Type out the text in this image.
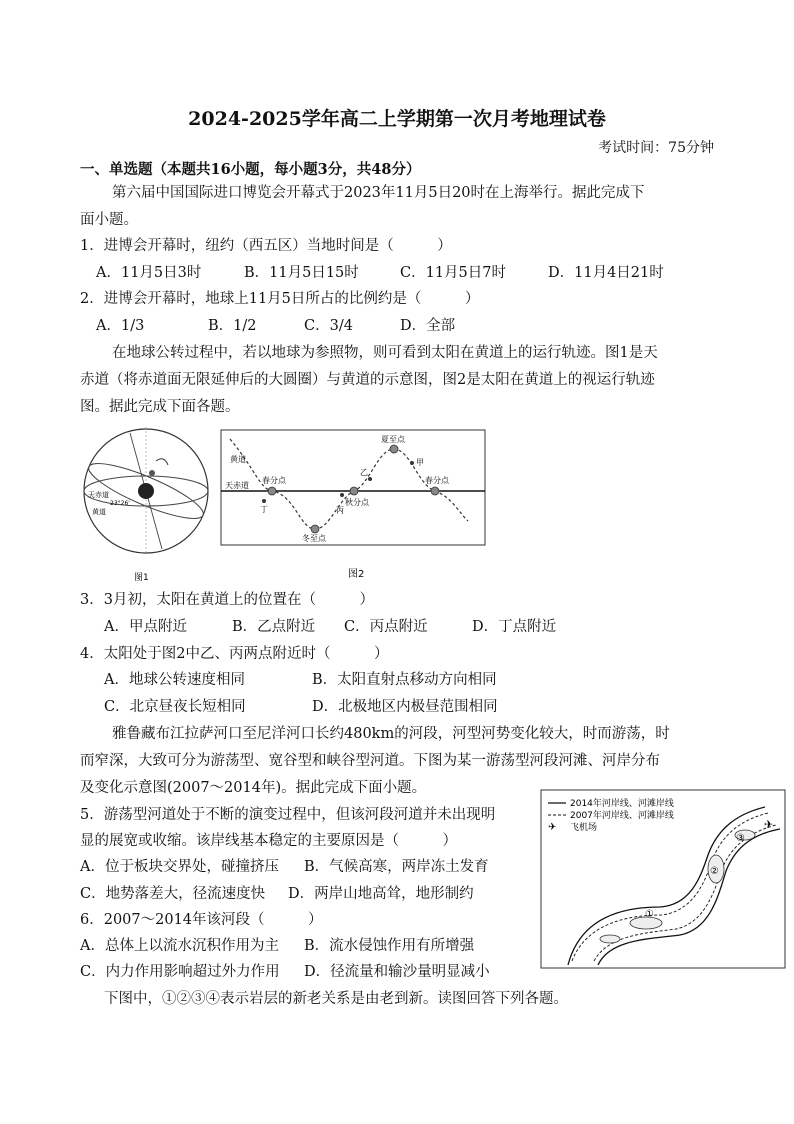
2024-2025学年高二上学期第一次月考地理试卷
考试时间：75分钟
一、单选题（本题共16小题，每小题3分，共48分）
第六届中国国际进口博览会开幕式于2023年11月5日20时在上海举行。据此完成下
面小题。
1．进博会开幕时，纽约（西五区）当地时间是（　　　）
A．11月5日3时	B．11月5日15时	C．11月5日7时	D．11月4日21时
2．进博会开幕时，地球上11月5日所占的比例约是（　　　）
A．1/3	B．1/2	C．3/4	D．全部
在地球公转过程中，若以地球为参照物，则可看到太阳在黄道上的运行轨迹。图1是天
赤道（将赤道面无限延伸后的大圆圈）与黄道的示意图，图2是太阳在黄道上的视运行轨迹
图。据此完成下面各题。
天赤道
黄道
23°26'
图1
黄道
天赤道
春分点
夏至点
秋分点
冬至点
春分点
甲
乙
丙
丁
图2
3．3月初，太阳在黄道上的位置在（　　　）
A．甲点附近	B．乙点附近 C．丙点附近	D．丁点附近
4．太阳处于图2中乙、丙两点附近时（　　　）
A．地球公转速度相同	B．太阳直射点移动方向相同
C．北京昼夜长短相同	D．北极地区内极昼范围相同
雅鲁藏布江拉萨河口至尼洋河口长约480km的河段，河型河势变化较大，时而游荡，时
而窄深，大致可分为游荡型、宽谷型和峡谷型河道。下图为某一游荡型河段河滩、河岸分布
及变化示意图(2007～2014年)。据此完成下面小题。
5．游荡型河道处于不断的演变过程中，但该河段河道并未出现明
显的展宽或收缩。该岸线基本稳定的主要原因是（　　　）
A．位于板块交界处，碰撞挤压 B．气候高寒，两岸冻土发育
C．地势落差大，径流速度快 D．两岸山地高耸，地形制约
6．2007～2014年该河段（　　　）
A．总体上以流水沉积作用为主 B．流水侵蚀作用有所增强
C．内力作用影响超过外力作用 D．径流量和输沙量明显减小
✈
2014年河岸线、河滩岸线
2007年河岸线、河滩岸线
飞机场
①
②
③
✈
下图中，①②③④表示岩层的新老关系是由老到新。读图回答下列各题。
